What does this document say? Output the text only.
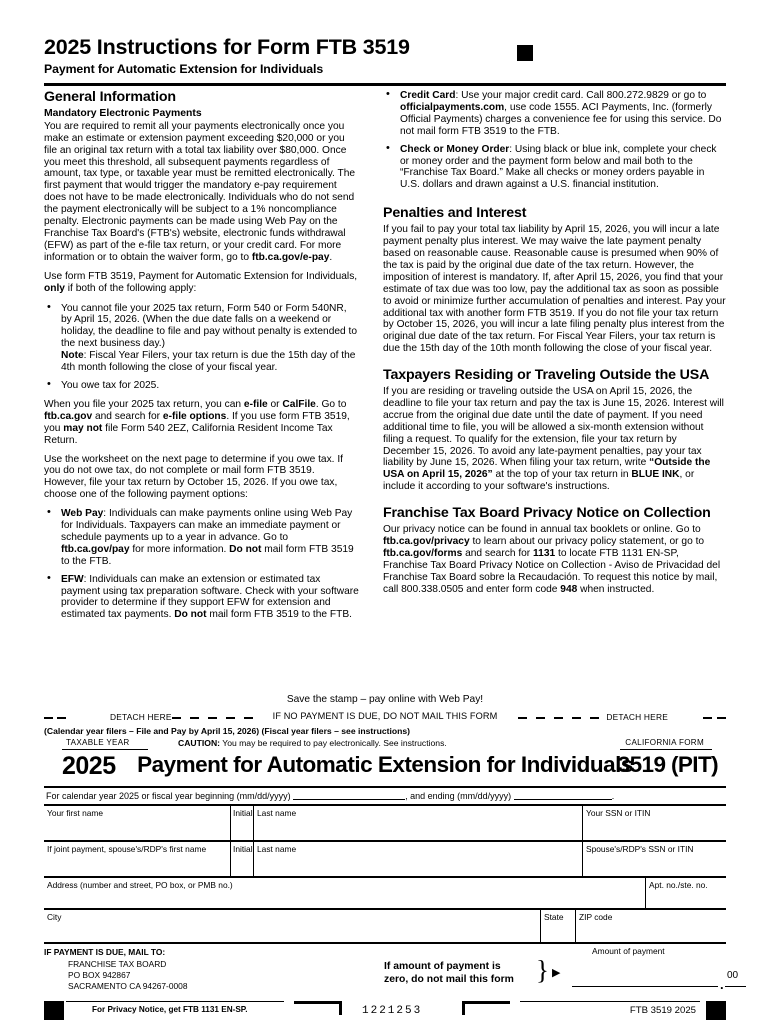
2025 Instructions for Form FTB 3519
Payment for Automatic Extension for Individuals
General Information
Mandatory Electronic Payments

You are required to remit all your payments electronically once you make an estimate or extension payment exceeding $20,000 or you file an original tax return with a total tax liability over $80,000. Once you meet this threshold, all subsequent payments regardless of amount, tax type, or taxable year must be remitted electronically. The first payment that would trigger the mandatory e-pay requirement does not have to be made electronically. Individuals who do not send the payment electronically will be subject to a 1% noncompliance penalty. Electronic payments can be made using Web Pay on the Franchise Tax Board's (FTB's) website, electronic funds withdrawal (EFW) as part of the e-file tax return, or your credit card. For more information or to obtain the waiver form, go to ftb.ca.gov/e-pay.

Use form FTB 3519, Payment for Automatic Extension for Individuals, only if both of the following apply:

• You cannot file your 2025 tax return, Form 540 or Form 540NR, by April 15, 2026. (When the due date falls on a weekend or holiday, the deadline to file and pay without penalty is extended to the next business day.)
Note: Fiscal Year Filers, your tax return is due the 15th day of the 4th month following the close of your fiscal year.
• You owe tax for 2025.

When you file your 2025 tax return, you can e-file or CalFile. Go to ftb.ca.gov and search for e-file options. If you use form FTB 3519, you may not file Form 540 2EZ, California Resident Income Tax Return.

Use the worksheet on the next page to determine if you owe tax. If you do not owe tax, do not complete or mail form FTB 3519. However, file your tax return by October 15, 2026. If you owe tax, choose one of the following payment options:

• Web Pay: Individuals can make payments online using Web Pay for Individuals. Taxpayers can make an immediate payment or schedule payments up to a year in advance. Go to ftb.ca.gov/pay for more information. Do not mail form FTB 3519 to the FTB.
• EFW: Individuals can make an extension or estimated tax payment using tax preparation software. Check with your software provider to determine if they support EFW for extension and estimated tax payments. Do not mail form FTB 3519 to the FTB.
• Credit Card: Use your major credit card. Call 800.272.9829 or go to officialpayments.com, use code 1555. ACI Payments, Inc. (formerly Official Payments) charges a convenience fee for using this service. Do not mail form FTB 3519 to the FTB.
• Check or Money Order: Using black or blue ink, complete your check or money order and the payment form below and mail both to the “Franchise Tax Board.” Make all checks or money orders payable in U.S. dollars and drawn against a U.S. financial institution.
Penalties and Interest

If you fail to pay your total tax liability by April 15, 2026, you will incur a late payment penalty plus interest. We may waive the late payment penalty based on reasonable cause. Reasonable cause is presumed when 90% of the tax is paid by the original due date of the tax return. However, the imposition of interest is mandatory. If, after April 15, 2026, you find that your estimate of tax due was too low, pay the additional tax as soon as possible to avoid or minimize further accumulation of penalties and interest. Pay your additional tax with another form FTB 3519. If you do not file your tax return by October 15, 2026, you will incur a late filing penalty plus interest from the original due date of the tax return. For Fiscal Year Filers, your tax return is due the 15th day of the 10th month following the close of your fiscal year.

Taxpayers Residing or Traveling Outside the USA

If you are residing or traveling outside the USA on April 15, 2026, the deadline to file your tax return and pay the tax is June 15, 2026. Interest will accrue from the original due date until the date of payment. If you need additional time to file, you will be allowed a six-month extension without filing a request. To qualify for the extension, file your tax return by December 15, 2026. To avoid any late-payment penalties, pay your tax liability by June 15, 2026. When filing your tax return, write “Outside the USA on April 15, 2026” at the top of your tax return in BLUE INK, or include it according to your software's instructions.

Franchise Tax Board Privacy Notice on Collection

Our privacy notice can be found in annual tax booklets or online. Go to ftb.ca.gov/privacy to learn about our privacy policy statement, or go to ftb.ca.gov/forms and search for 1131 to locate FTB 1131 EN-SP, Franchise Tax Board Privacy Notice on Collection - Aviso de Privacidad del Franchise Tax Board sobre la Recaudación. To request this notice by mail, call 800.338.0505 and enter form code 948 when instructed.

Save the stamp – pay online with Web Pay!
DETACH HERE	IF NO PAYMENT IS DUE, DO NOT MAIL THIS FORM	DETACH HERE
(Calendar year filers – File and Pay by April 15, 2026) (Fiscal year filers – see instructions)
TAXABLE YEAR	CAUTION: You may be required to pay electronically. See instructions.	CALIFORNIA FORM
2025 Payment for Automatic Extension for Individuals
3519 (PIT)
For calendar year 2025 or fiscal year beginning (mm/dd/yyyy)	, and ending (mm/dd/yyyy)	.
Your first name	Initial Last name	Your SSN or ITIN
If joint payment, spouse's/RDP's first name	Initial Last name	Spouse's/RDP's SSN or ITIN
Address (number and street, PO box, or PMB no.)	Apt. no./ste. no.
City	State ZIP code
IF PAYMENT IS DUE, MAIL TO:
FRANCHISE TAX BOARD
PO BOX 942867
SACRAMENTO CA 94267-0008
If amount of payment is
zero, do not mail this form } ▶
Amount of payment
.
00
For Privacy Notice, get FTB 1131 EN-SP.	1221253	FTB 3519 2025
